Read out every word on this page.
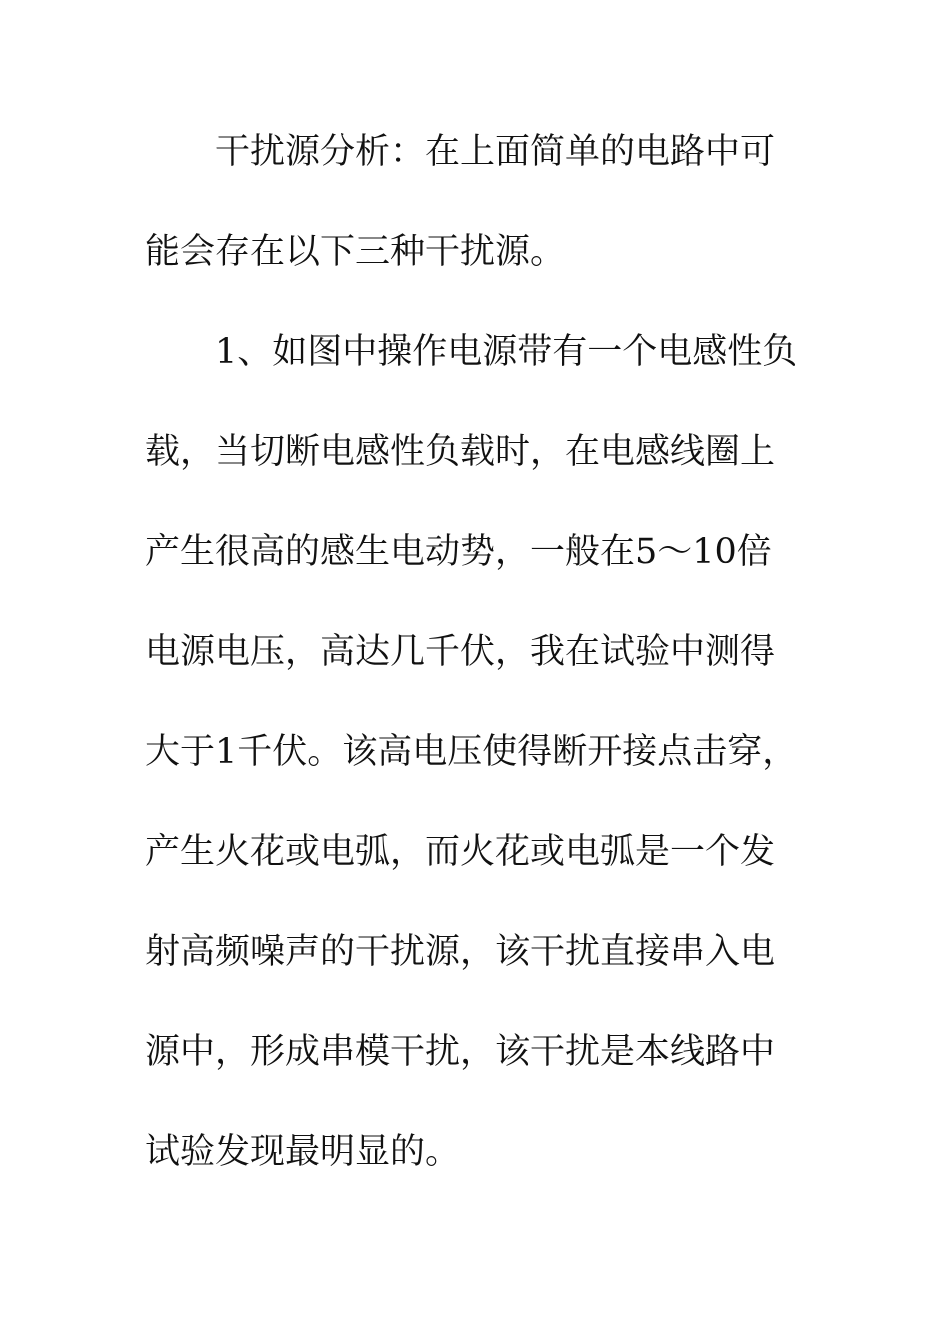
干扰源分析：在上面简单的电路中可
能会存在以下三种干扰源。
1、如图中操作电源带有一个电感性负
载，当切断电感性负载时，在电感线圈上
产生很高的感生电动势，一般在5～10倍
电源电压，高达几千伏，我在试验中测得
大于1千伏。该高电压使得断开接点击穿，
产生火花或电弧，而火花或电弧是一个发
射高频噪声的干扰源，该干扰直接串入电
源中，形成串模干扰，该干扰是本线路中
试验发现最明显的。
